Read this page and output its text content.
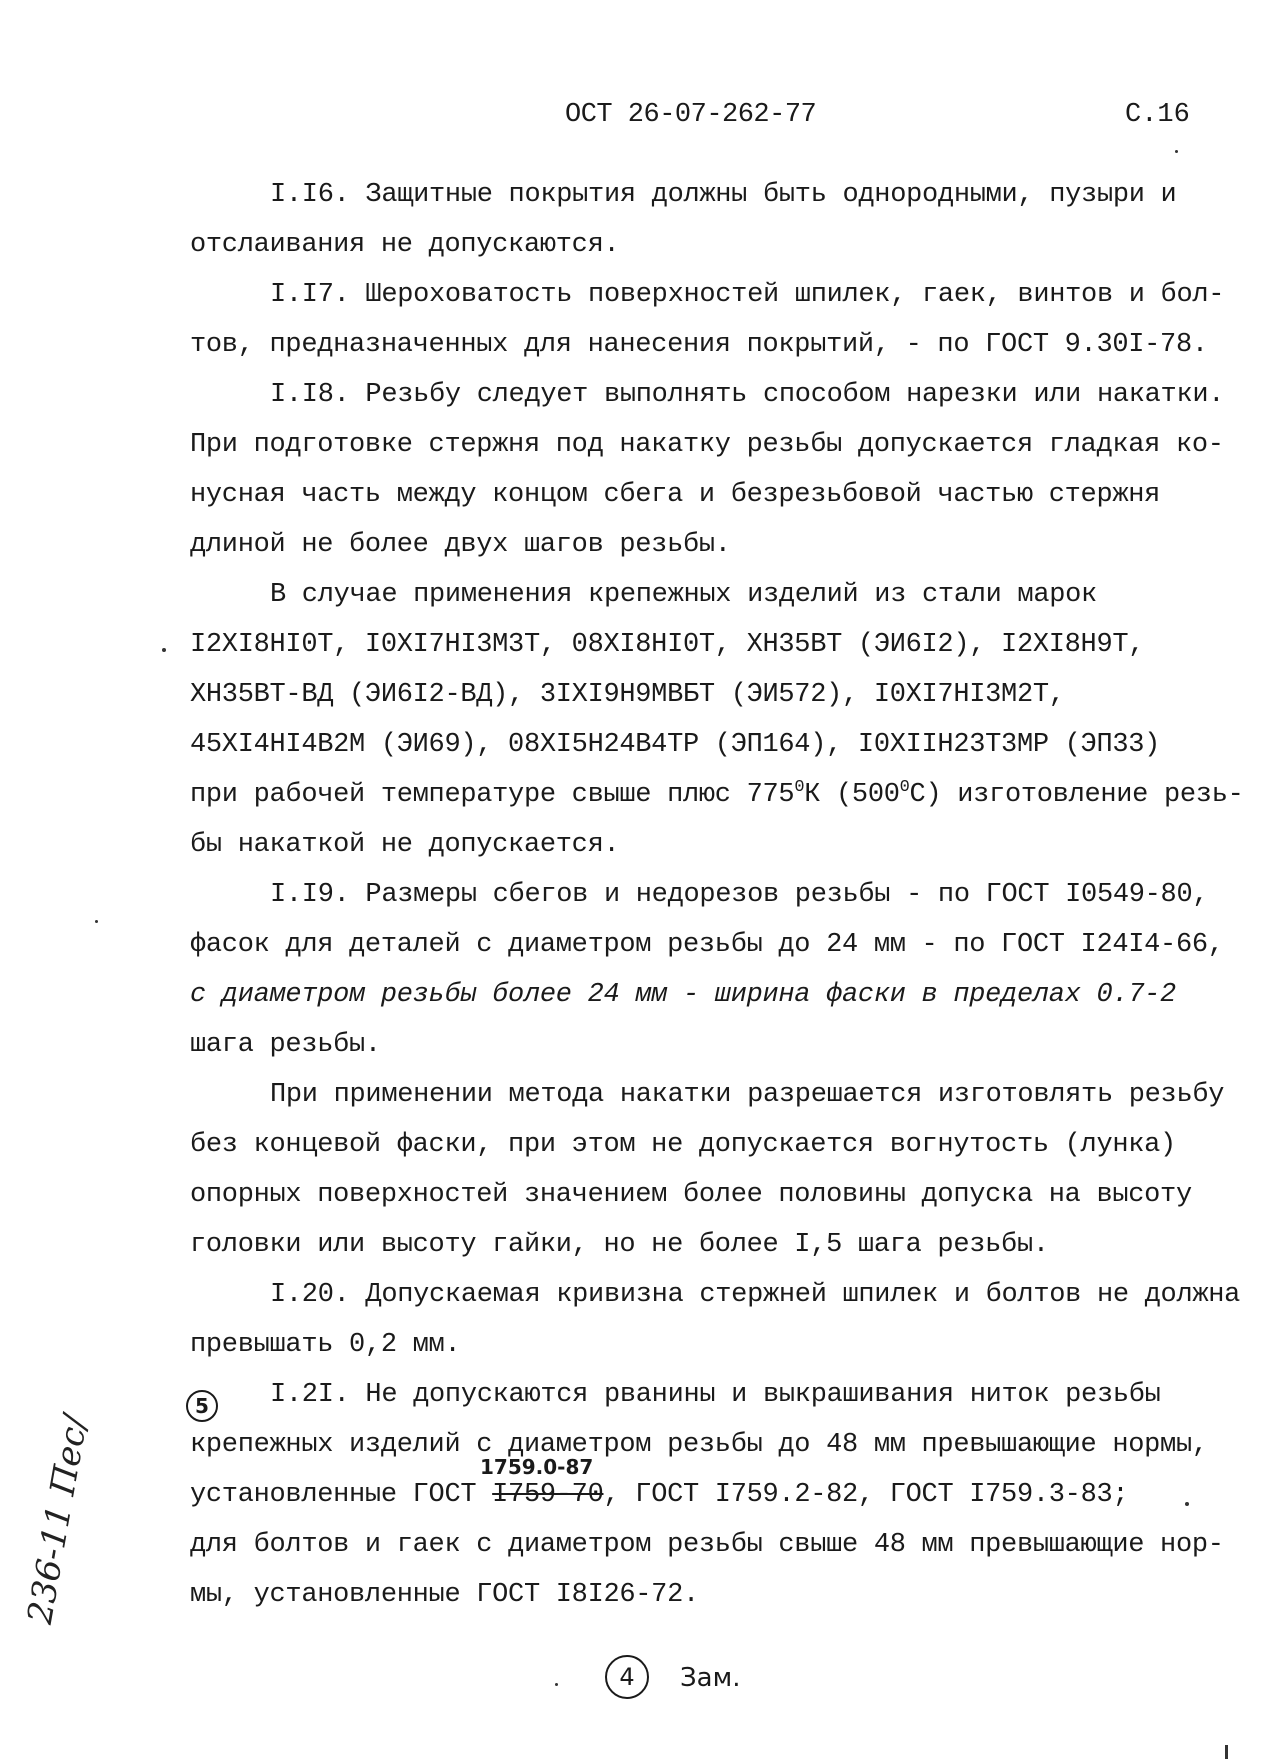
ОСТ 26-07-262-77	С.16
I.I6. Защитные покрытия должны быть однородными, пузыри и
отслаивания не допускаются.
I.I7. Шероховатость поверхностей шпилек, гаек, винтов и бол-
тов, предназначенных для нанесения покрытий, - по ГОСТ 9.30I-78.
I.I8. Резьбу следует выполнять способом нарезки или накатки.
При подготовке стержня под накатку резьбы допускается гладкая ко-
нусная часть между концом сбега и безрезьбовой частью стержня
длиной не более двух шагов резьбы.
В случае применения крепежных изделий из стали марок
I2XI8HI0T, I0XI7HI3M3T, 08XI8HI0T, XH35BT (ЭИ6I2), I2XI8H9T,
XH35BT-ВД (ЭИ6I2-ВД), 3IXI9H9MBБT (ЭИ572), I0XI7HI3M2T,
45XI4HI4B2M (ЭИ69), 08XI5H24B4TP (ЭП164), I0XIIH23T3MP (ЭП33)
при рабочей температуре свыше плюс $775^0К$ $(500^0С)$ изготовление резь-
бы накаткой не допускается.
I.I9. Размеры сбегов и недорезов резьбы - по ГОСТ I0549-80,
фасок для деталей с диаметром резьбы до 24 мм - по ГОСТ I24I4-66,
с диаметром резьбы более 24 мм - ширина фаски в пределах 0.7-2
шага резьбы.
При применении метода накатки разрешается изготовлять резьбу
без концевой фаски, при этом не допускается вогнутость (лунка)
опорных поверхностей значением более половины допуска на высоту
головки или высоту гайки, но не более I,5 шага резьбы.
I.20. Допускаемая кривизна стержней шпилек и болтов не должна
превышать 0,2 мм.
I.2I. Не допускаются рванины и выкрашивания ниток резьбы
крепежных изделий с диаметром резьбы до 48 мм превышающие нормы,
установленные ГОСТ I759-70, ГОСТ I759.2-82, ГОСТ I759.3-83;
для болтов и гаек с диаметром резьбы свыше 48 мм превышающие нор-
мы, установленные ГОСТ I8I26-72.
5
1759.0-87
4	Зам.
236-11 Пес/
